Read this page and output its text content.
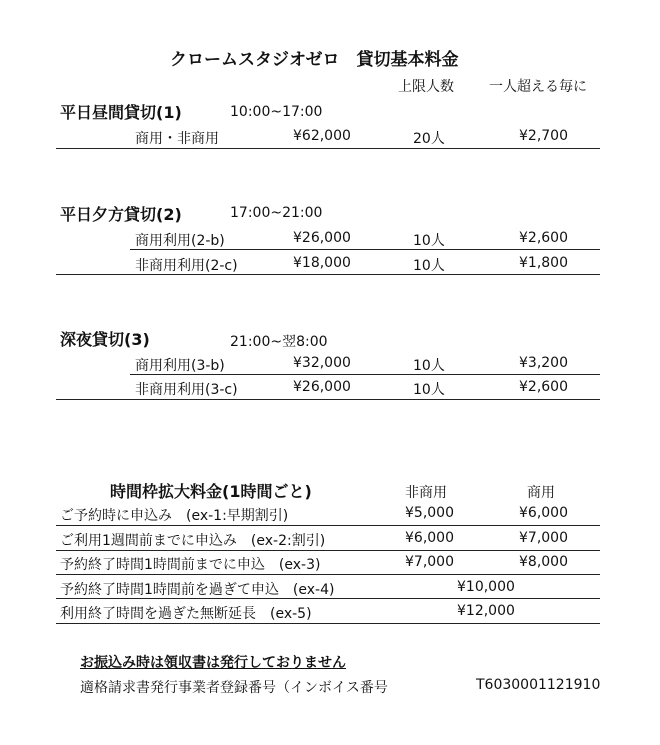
クロームスタジオゼロ　貸切基本料金
上限人数	一人超える毎に
平日昼間貸切(1)	10:00~17:00
商用・非商用	¥62,000	20人	¥2,700
平日夕方貸切(2)	17:00~21:00
商用利用(2-b)	¥26,000	10人	¥2,600
非商用利用(2-c)	¥18,000	10人	¥1,800
深夜貸切(3)	21:00~翌8:00
商用利用(3-b)	¥32,000	10人	¥3,200
非商用利用(3-c)	¥26,000	10人	¥2,600
時間枠拡大料金(1時間ごと)	非商用	商用
ご予約時に申込み　(ex-1:早期割引)	¥5,000	¥6,000
ご利用1週間前までに申込み　(ex-2:割引)	¥6,000	¥7,000
予約終了時間1時間前までに申込　(ex-3)	¥7,000	¥8,000
予約終了時間1時間前を過ぎて申込　(ex-4)	¥10,000
利用終了時間を過ぎた無断延長　(ex-5)	¥12,000
お振込み時は領収書は発行しておりません
適格請求書発行事業者登録番号（インボイス番号	T6030001121910
